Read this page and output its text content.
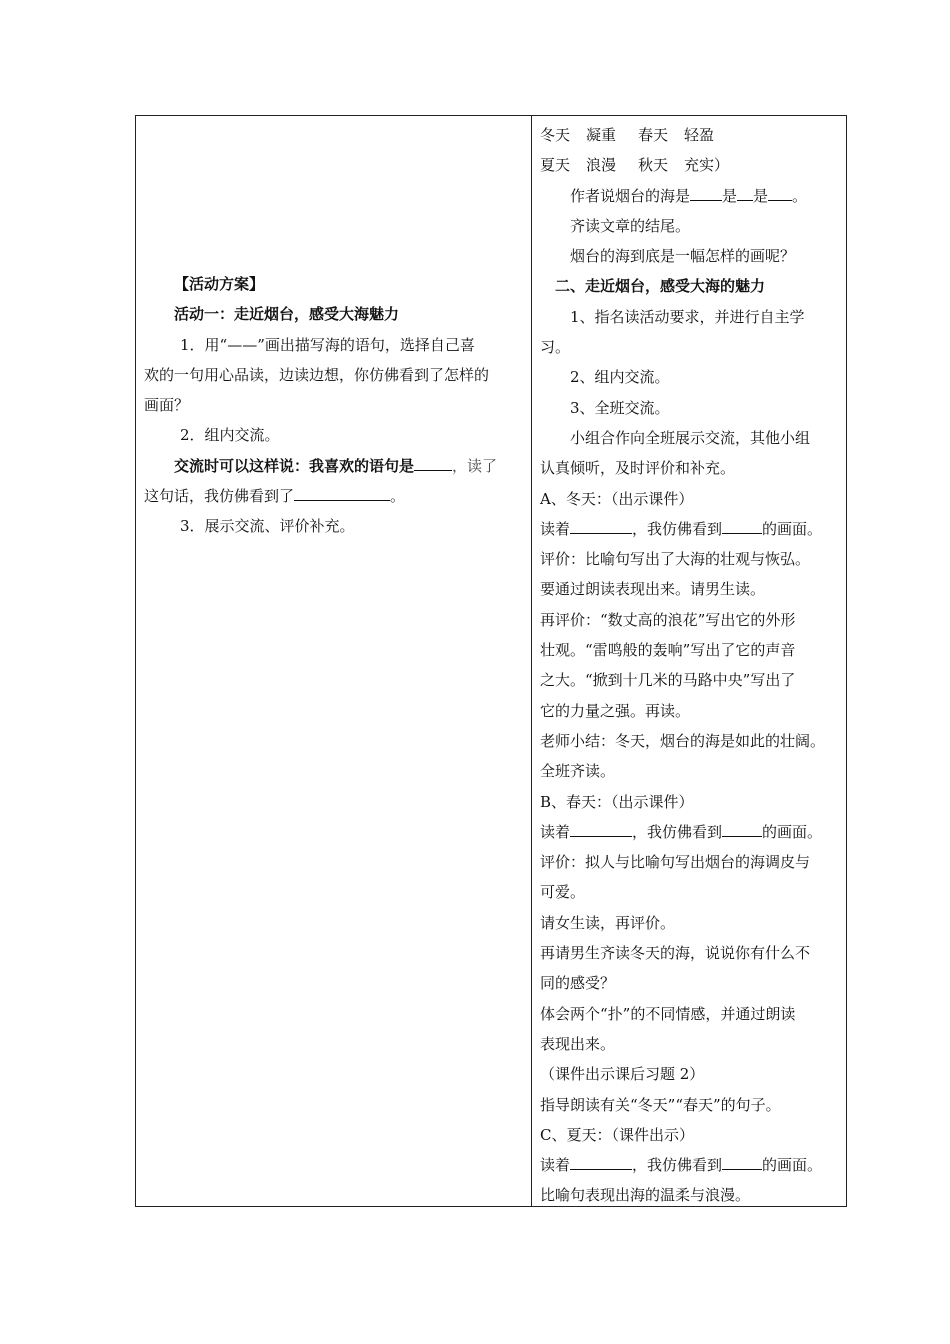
【活动方案】

活动一：走近烟台，感受大海魅力

1．用“——”画出描写海的语句，选择自己喜

欢的一句用心品读，边读边想，你仿佛看到了怎样的

画面？

2．组内交流。

交流时可以这样说：我喜欢的语句是	，读了

这句话，我仿佛看到了	。

3．展示交流、评价补充。

冬天 凝重 春天 轻盈

夏天 浪漫 秋天 充实）

作者说烟台的海是 是 是 。

齐读文章的结尾。

烟台的海到底是一幅怎样的画呢？

二、走近烟台，感受大海的魅力

1、指名读活动要求，并进行自主学

习。

2、组内交流。

3、全班交流。

小组合作向全班展示交流，其他小组

认真倾听，及时评价和补充。

A、冬天：（出示课件）

读着	，我仿佛看到	的画面。

评价：比喻句写出了大海的壮观与恢弘。

要通过朗读表现出来。请男生读。

再评价：“数丈高的浪花”写出它的外形

壮观。“雷鸣般的轰响”写出了它的声音

之大。“掀到十几米的马路中央”写出了

它的力量之强。再读。

老师小结：冬天，烟台的海是如此的壮阔。

全班齐读。

B、春天：（出示课件）

读着	，我仿佛看到	的画面。

评价：拟人与比喻句写出烟台的海调皮与

可爱。

请女生读，再评价。

再请男生齐读冬天的海，说说你有什么不

同的感受？

体会两个“扑”的不同情感，并通过朗读

表现出来。

（课件出示课后习题 2）

指导朗读有关“冬天”“春天”的句子。

C、夏天：（课件出示）

读着	，我仿佛看到	的画面。

比喻句表现出海的温柔与浪漫。
